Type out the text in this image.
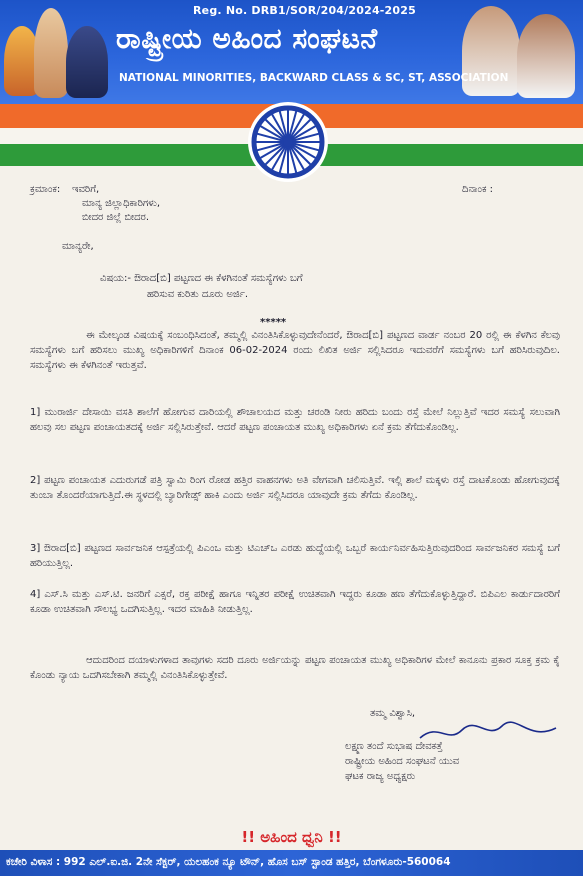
Reg. No. DRB1/SOR/204/2024-2025
ರಾಷ್ಟ್ರೀಯ ಅಹಿಂದ ಸಂಘಟನೆ
NATIONAL MINORITIES, BACKWARD CLASS & SC, ST, ASSOCIATION
ಕ್ರಮಾಂಕ:	ದಿನಾಂಕ :
ಇವರಿಗೆ,
ಮಾನ್ಯ ಜಿಲ್ಲಾಧಿಕಾರಿಗಳು,
ಬೀದರ ಜಿಲ್ಲೆ ಬೀದರ.
ಮಾನ್ಯರೇ,
ವಿಷಯ:- ಔರಾದ[ಬಿ] ಪಟ್ಟಣದ ಈ ಕೆಳಗಿನಂತೆ ಸಮಸ್ಯೆಗಳು ಬಗೆ
ಹರಿಸುವ ಕುರಿತು ದೂರು ಅರ್ಜಿ.
*****
ಈ ಮೇಲ್ಕಂಡ ವಿಷಯಕ್ಕೆ ಸಂಬಂಧಿಸಿದಂತೆ, ತಮ್ಮಲ್ಲಿ ವಿನಂತಿಸಿಕೊಳ್ಳುವುದೇನೆಂದರೆ, ಔರಾದ[ಬಿ] ಪಟ್ಟಣದ ವಾರ್ಡ ನಂಬರ 20 ರಲ್ಲಿ ಈ ಕೆಳಗಿನ ಕೆಲವು ಸಮಸ್ಯೆಗಳು ಬಗೆ ಹರಿಸಲು ಮುಖ್ಯ ಅಧಿಕಾರಿಗಳಿಗೆ ದಿನಾಂಕ 06-02-2024 ರಂದು ಲಿಖಿತ ಅರ್ಜಿ ಸಲ್ಲಿಸಿದರೂ ಇದುವರೆಗೆ ಸಮಸ್ಯೆಗಳು ಬಗೆ ಹರಿಸಿರುವುದಿಲ. ಸಮಸ್ಯೆಗಳು ಈ ಕೆಳಗಿನಂತೆ ಇರುತ್ತವೆ.
1] ಮುರಾರ್ಜಿ ದೇಸಾಯಿ ವಸತಿ ಶಾಲೆಗೆ ಹೋಗುವ ದಾರಿಯಲ್ಲಿ ಶೌಚಾಲಯದ ಮತ್ತು ಚರಂಡಿ ನೀರು ಹರಿದು ಬಂದು ರಸ್ತೆ ಮೇಲೆ ನಿಲ್ಲುತ್ತಿವೆ ಇದರ ಸಮಸ್ಯೆ ಸಲುವಾಗಿ ಹಲವು ಸಲ ಪಟ್ಟಣ ಪಂಚಾಯತದಕ್ಕೆ ಅರ್ಜಿ ಸಲ್ಲಿಸಿರುತ್ತೇವೆ. ಆದರೆ ಪಟ್ಟಣ ಪಂಚಾಯತ ಮುಖ್ಯ ಅಧಿಕಾರಿಗಳು ಏನೆ ಕ್ರಮ ತೆಗೆದುಕೊಂಡಿಲ್ಲ.
2] ಪಟ್ಟಣ ಪಂಚಾಯತ ಎದುರುಗಡೆ ಪತ್ರಿ ಸ್ವಾಮಿ ರಿಂಗ ರೋಡ ಹತ್ತಿರ ವಾಹನಗಳು ಅತಿ ವೇಗವಾಗಿ ಚಲಿಸುತ್ತಿವೆ. ಇಲ್ಲಿ ಶಾಲೆ ಮಕ್ಕಳು ರಸ್ತೆ ದಾಟಕೊಂಡು ಹೋಗುವುದಕ್ಕೆ ತುಂಬಾ ತೊಂದರೆಯಾಗುತ್ತಿದೆ.ಈ ಸ್ಥಳದಲ್ಲಿ ಬ್ಯಾರಿಗೇಡ್ಸ್ ಹಾಕಿ ಎಂದು ಅರ್ಜಿ ಸಲ್ಲಿಸಿದರೂ ಯಾವುದೇ ಕ್ರಮ ತೆಗೆದು ಕೊಂಡಿಲ್ಲ.
3] ಔರಾದ[ಬಿ] ಪಟ್ಟಣದ ಸಾರ್ವಜನಿಕ ಆಸ್ಪತ್ರೆಯಲ್ಲಿ ಪಿಎಂಒ ಮತ್ತು ಟಿಎಚ್ಒ ಎರಡು ಹುದ್ದೆಯಲ್ಲಿ ಒಬ್ಬರೆ ಕಾರ್ಯನಿರ್ವಹಿಸುತ್ತಿರುವುದರಿಂದ ಸಾರ್ವಜನಿಕರ ಸಮಸ್ಯೆ ಬಗೆ ಹರಿಯುತ್ತಿಲ್ಲ.
4] ಎಸ್.ಸಿ ಮತ್ತು ಎಸ್.ಟಿ. ಜನರಿಗೆ ಎಕ್ಸರೆ, ರಕ್ತ ಪರೀಕ್ಷೆ ಹಾಗೂ ಇನ್ನಿತರ ಪರೀಕ್ಷೆ ಉಚಿತವಾಗಿ ಇದ್ದರು ಕೂಡಾ ಹಣ ತೆಗೆದುಕೊಳ್ಳುತ್ತಿದ್ದಾರೆ. ಬಿಪಿಎಲ ಕಾರ್ಡುದಾರರಿಗೆ ಕೂಡಾ ಉಚಿತವಾಗಿ ಸೌಲಭ್ಯ ಒದಗಿಸುತ್ತಿಲ್ಲ. ಇದರ ಮಾಹಿತಿ ನೀಡುತ್ತಿಲ್ಲ.
ಆದುದರಿಂದ ದಯಾಳುಗಳಾದ ತಾವುಗಳು ಸದರಿ ದೂರು ಅರ್ಜಿಯನ್ನು ಪಟ್ಟಣ ಪಂಚಾಯತ ಮುಖ್ಯ ಅಧಿಕಾರಿಗಳ ಮೇಲೆ ಕಾನೂನು ಪ್ರಕಾರ ಸೂಕ್ತ ಕ್ರಮ ಕೈ ಕೊಂಡು ನ್ಯಾಯ ಒದಗಿಸಬೇಕಾಗಿ ತಮ್ಮಲ್ಲಿ ವಿನಂತಿಸಿಕೊಳ್ಳುತ್ತೇವೆ.
ತಮ್ಮ ವಿಶ್ವಾಸಿ,
ಲಕ್ಷ್ಮಣ ತಂದೆ ಸುಭಾಷ ದೇವಕತ್ತೆ
ರಾಷ್ಟ್ರೀಯ ಅಹಿಂದ ಸಂಘಟನೆ ಯುವ
ಘಟಕ ರಾಜ್ಯ ಅಧ್ಯಕ್ಷರು
!! ಅಹಿಂದ ಧ್ವನಿ !!
ಕಚೇರಿ ವಿಳಾಸ : 992 ಎಲ್.ಐ.ಜಿ. 2ನೇ ಸೆಕ್ಟರ್, ಯಲಹಂಕ ನ್ಯೂ ಟೌನ್, ಹೊಸ ಬಸ್ ಸ್ಟಾಂಡ ಹತ್ತಿರ, ಬೆಂಗಳೂರು-560064
